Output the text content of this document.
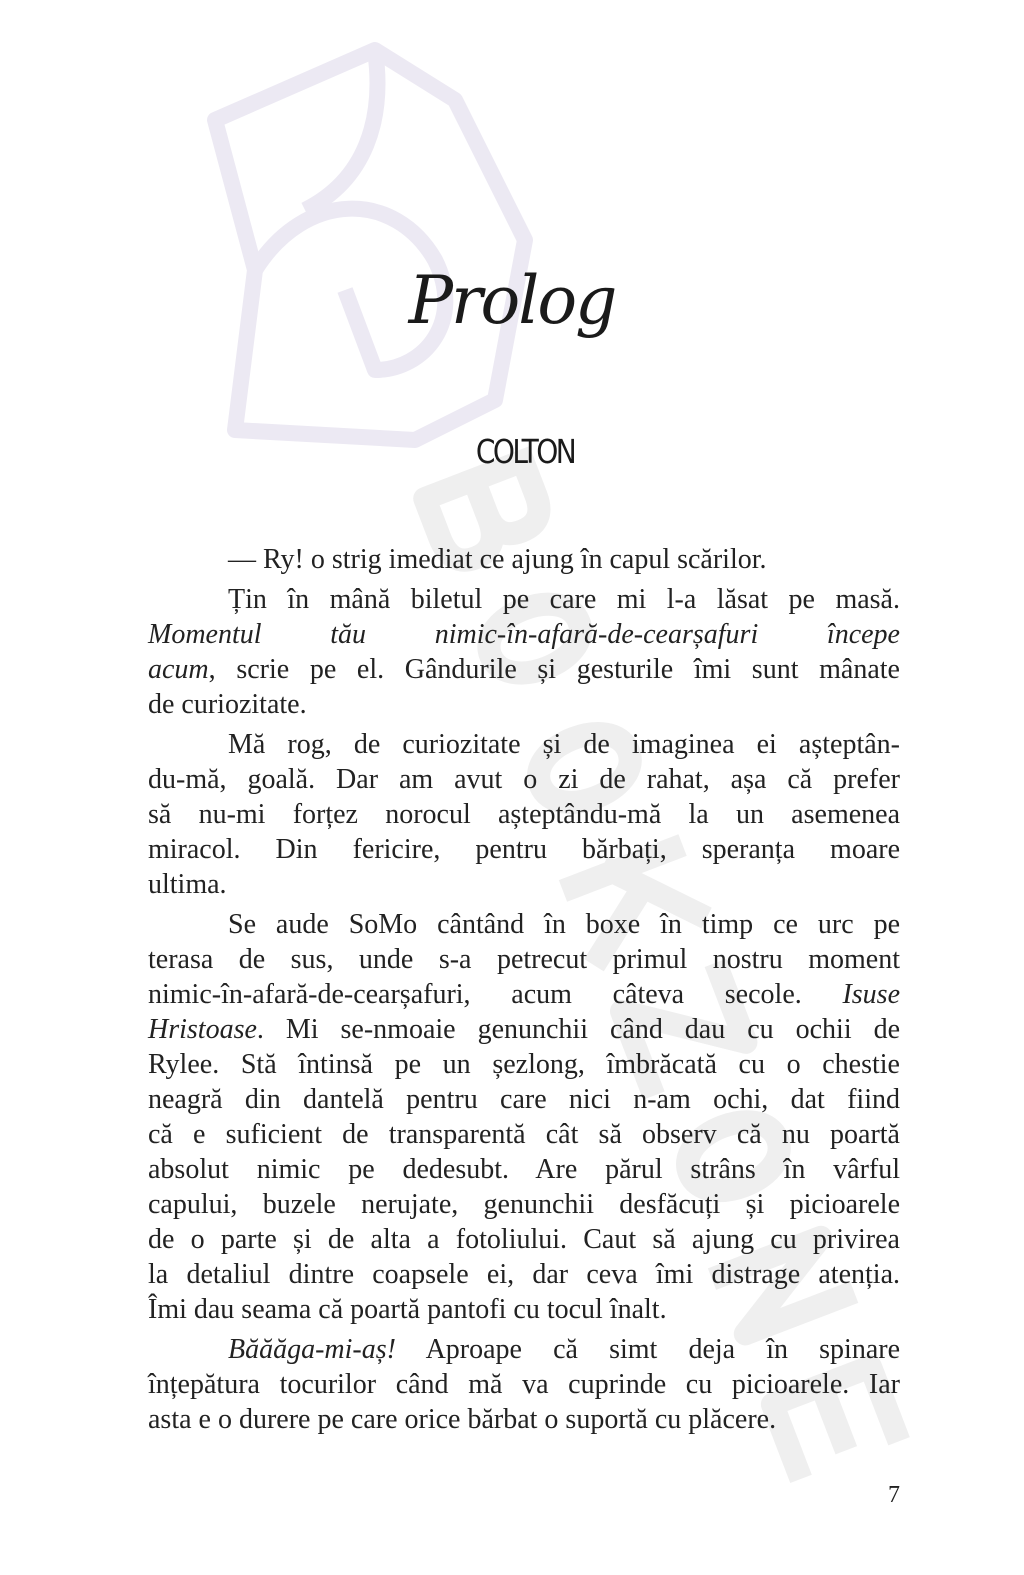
Prolog
COLTON
— Ry! o strig imediat ce ajung în capul scărilor.
Țin în mână biletul pe care mi l-a lăsat pe masă.
Momentul tău nimic-în-afară-de-cearșafuri începe
acum, scrie pe el. Gândurile și gesturile îmi sunt mânate
de curiozitate.
Mă rog, de curiozitate și de imaginea ei așteptân-
du-mă, goală. Dar am avut o zi de rahat, așa că prefer
să nu-mi forțez norocul așteptându-mă la un asemenea
miracol. Din fericire, pentru bărbați, speranța moare
ultima.
Se aude SoMo cântând în boxe în timp ce urc pe
terasa de sus, unde s-a petrecut primul nostru moment
nimic-în-afară-de-cearșafuri, acum câteva secole. Isuse
Hristoase. Mi se-nmoaie genunchii când dau cu ochii de
Rylee. Stă întinsă pe un șezlong, îmbrăcată cu o chestie
neagră din dantelă pentru care nici n-am ochi, dat fiind
că e suficient de transparentă cât să observ că nu poartă
absolut nimic pe dedesubt. Are părul strâns în vârful
capului, buzele nerujate, genunchii desfăcuți și picioarele
de o parte și de alta a fotoliului. Caut să ajung cu privirea
la detaliul dintre coapsele ei, dar ceva îmi distrage atenția.
Îmi dau seama că poartă pantofi cu tocul înalt.
Băăăga-mi-aș! Aproape că simt deja în spinare
înțepătura tocurilor când mă va cuprinde cu picioarele. Iar
asta e o durere pe care orice bărbat o suportă cu plăcere.
7
